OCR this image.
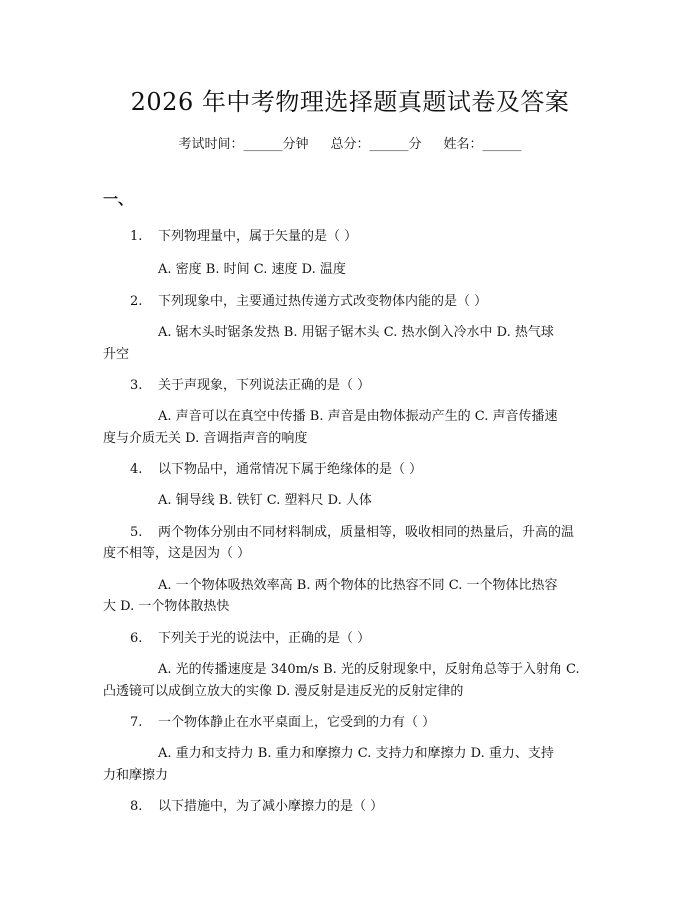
2026 年中考物理选择题真题试卷及答案
考试时间：______分钟 总分：______分 姓名：______
一、
1. 下列物理量中，属于矢量的是（ ）
A. 密度 B. 时间 C. 速度 D. 温度
2. 下列现象中，主要通过热传递方式改变物体内能的是（ ）
A. 锯木头时锯条发热 B. 用锯子锯木头 C. 热水倒入冷水中 D. 热气球
升空
3. 关于声现象，下列说法正确的是（ ）
A. 声音可以在真空中传播 B. 声音是由物体振动产生的 C. 声音传播速
度与介质无关 D. 音调指声音的响度
4. 以下物品中，通常情况下属于绝缘体的是（ ）
A. 铜导线 B. 铁钉 C. 塑料尺 D. 人体
5. 两个物体分别由不同材料制成，质量相等，吸收相同的热量后，升高的温
度不相等，这是因为（ ）
A. 一个物体吸热效率高 B. 两个物体的比热容不同 C. 一个物体比热容
大 D. 一个物体散热快
6. 下列关于光的说法中，正确的是（ ）
A. 光的传播速度是 340m/s B. 光的反射现象中，反射角总等于入射角 C.
凸透镜可以成倒立放大的实像 D. 漫反射是违反光的反射定律的
7. 一个物体静止在水平桌面上，它受到的力有（ ）
A. 重力和支持力 B. 重力和摩擦力 C. 支持力和摩擦力 D. 重力、支持
力和摩擦力
8. 以下措施中，为了减小摩擦力的是（ ）
